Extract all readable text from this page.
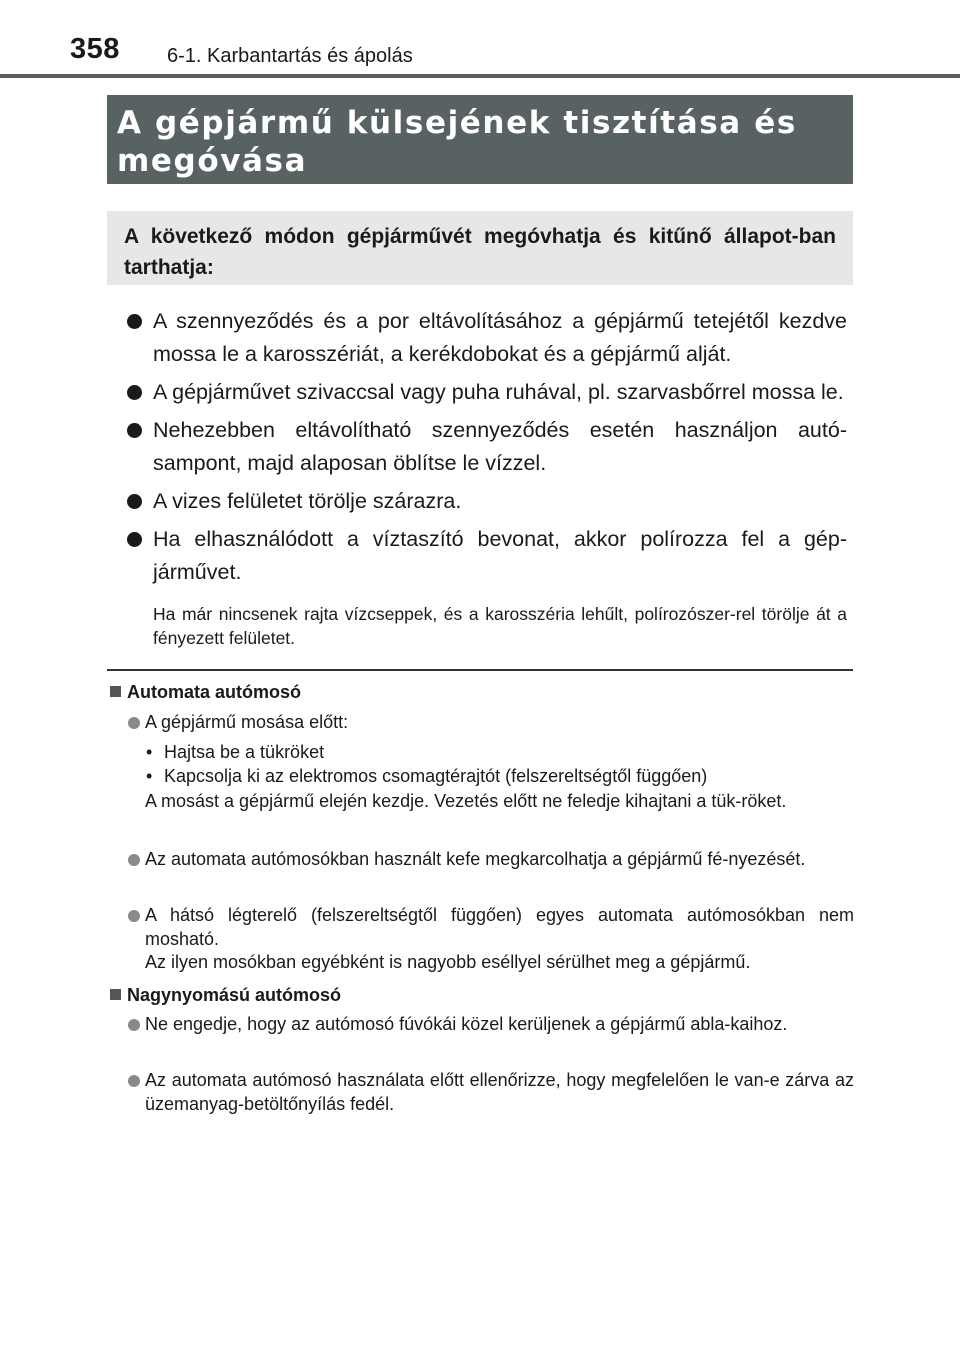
358 6-1. Karbantartás és ápolás
A gépjármű külsejének tisztítása és megóvása

A következő módon gépjárművét megóvhatja és kitűnő állapot-ban tarthatja:

A szennyeződés és a por eltávolításához a gépjármű tetejétől kezdve mossa le a karosszériát, a kerékdobokat és a gépjármű alját.
A gépjárművet szivaccsal vagy puha ruhával, pl. szarvasbőrrel mossa le.
Nehezebben eltávolítható szennyeződés esetén használjon autó-sampont, majd alaposan öblítse le vízzel.
A vizes felületet törölje szárazra.
Ha elhasználódott a víztaszító bevonat, akkor polírozza fel a gép-járművet.

Ha már nincsenek rajta vízcseppek, és a karosszéria lehűlt, polírozószer-rel törölje át a fényezett felületet.

Automata autómosó
A gépjármű mosása előtt:
• Hajtsa be a tükröket
• Kapcsolja ki az elektromos csomagtérajtót (felszereltségtől függően)
A mosást a gépjármű elején kezdje. Vezetés előtt ne feledje kihajtani a tük-röket.
Az automata autómosókban használt kefe megkarcolhatja a gépjármű fé-nyezését.
A hátsó légterelő (felszereltségtől függően) egyes automata autómosókban nem mosható.
Az ilyen mosókban egyébként is nagyobb eséllyel sérülhet meg a gépjármű.
Nagynyomású autómosó
Ne engedje, hogy az autómosó fúvókái közel kerüljenek a gépjármű abla-kaihoz.
Az automata autómosó használata előtt ellenőrizze, hogy megfelelően le van-e zárva az üzemanyag-betöltőnyílás fedél.
